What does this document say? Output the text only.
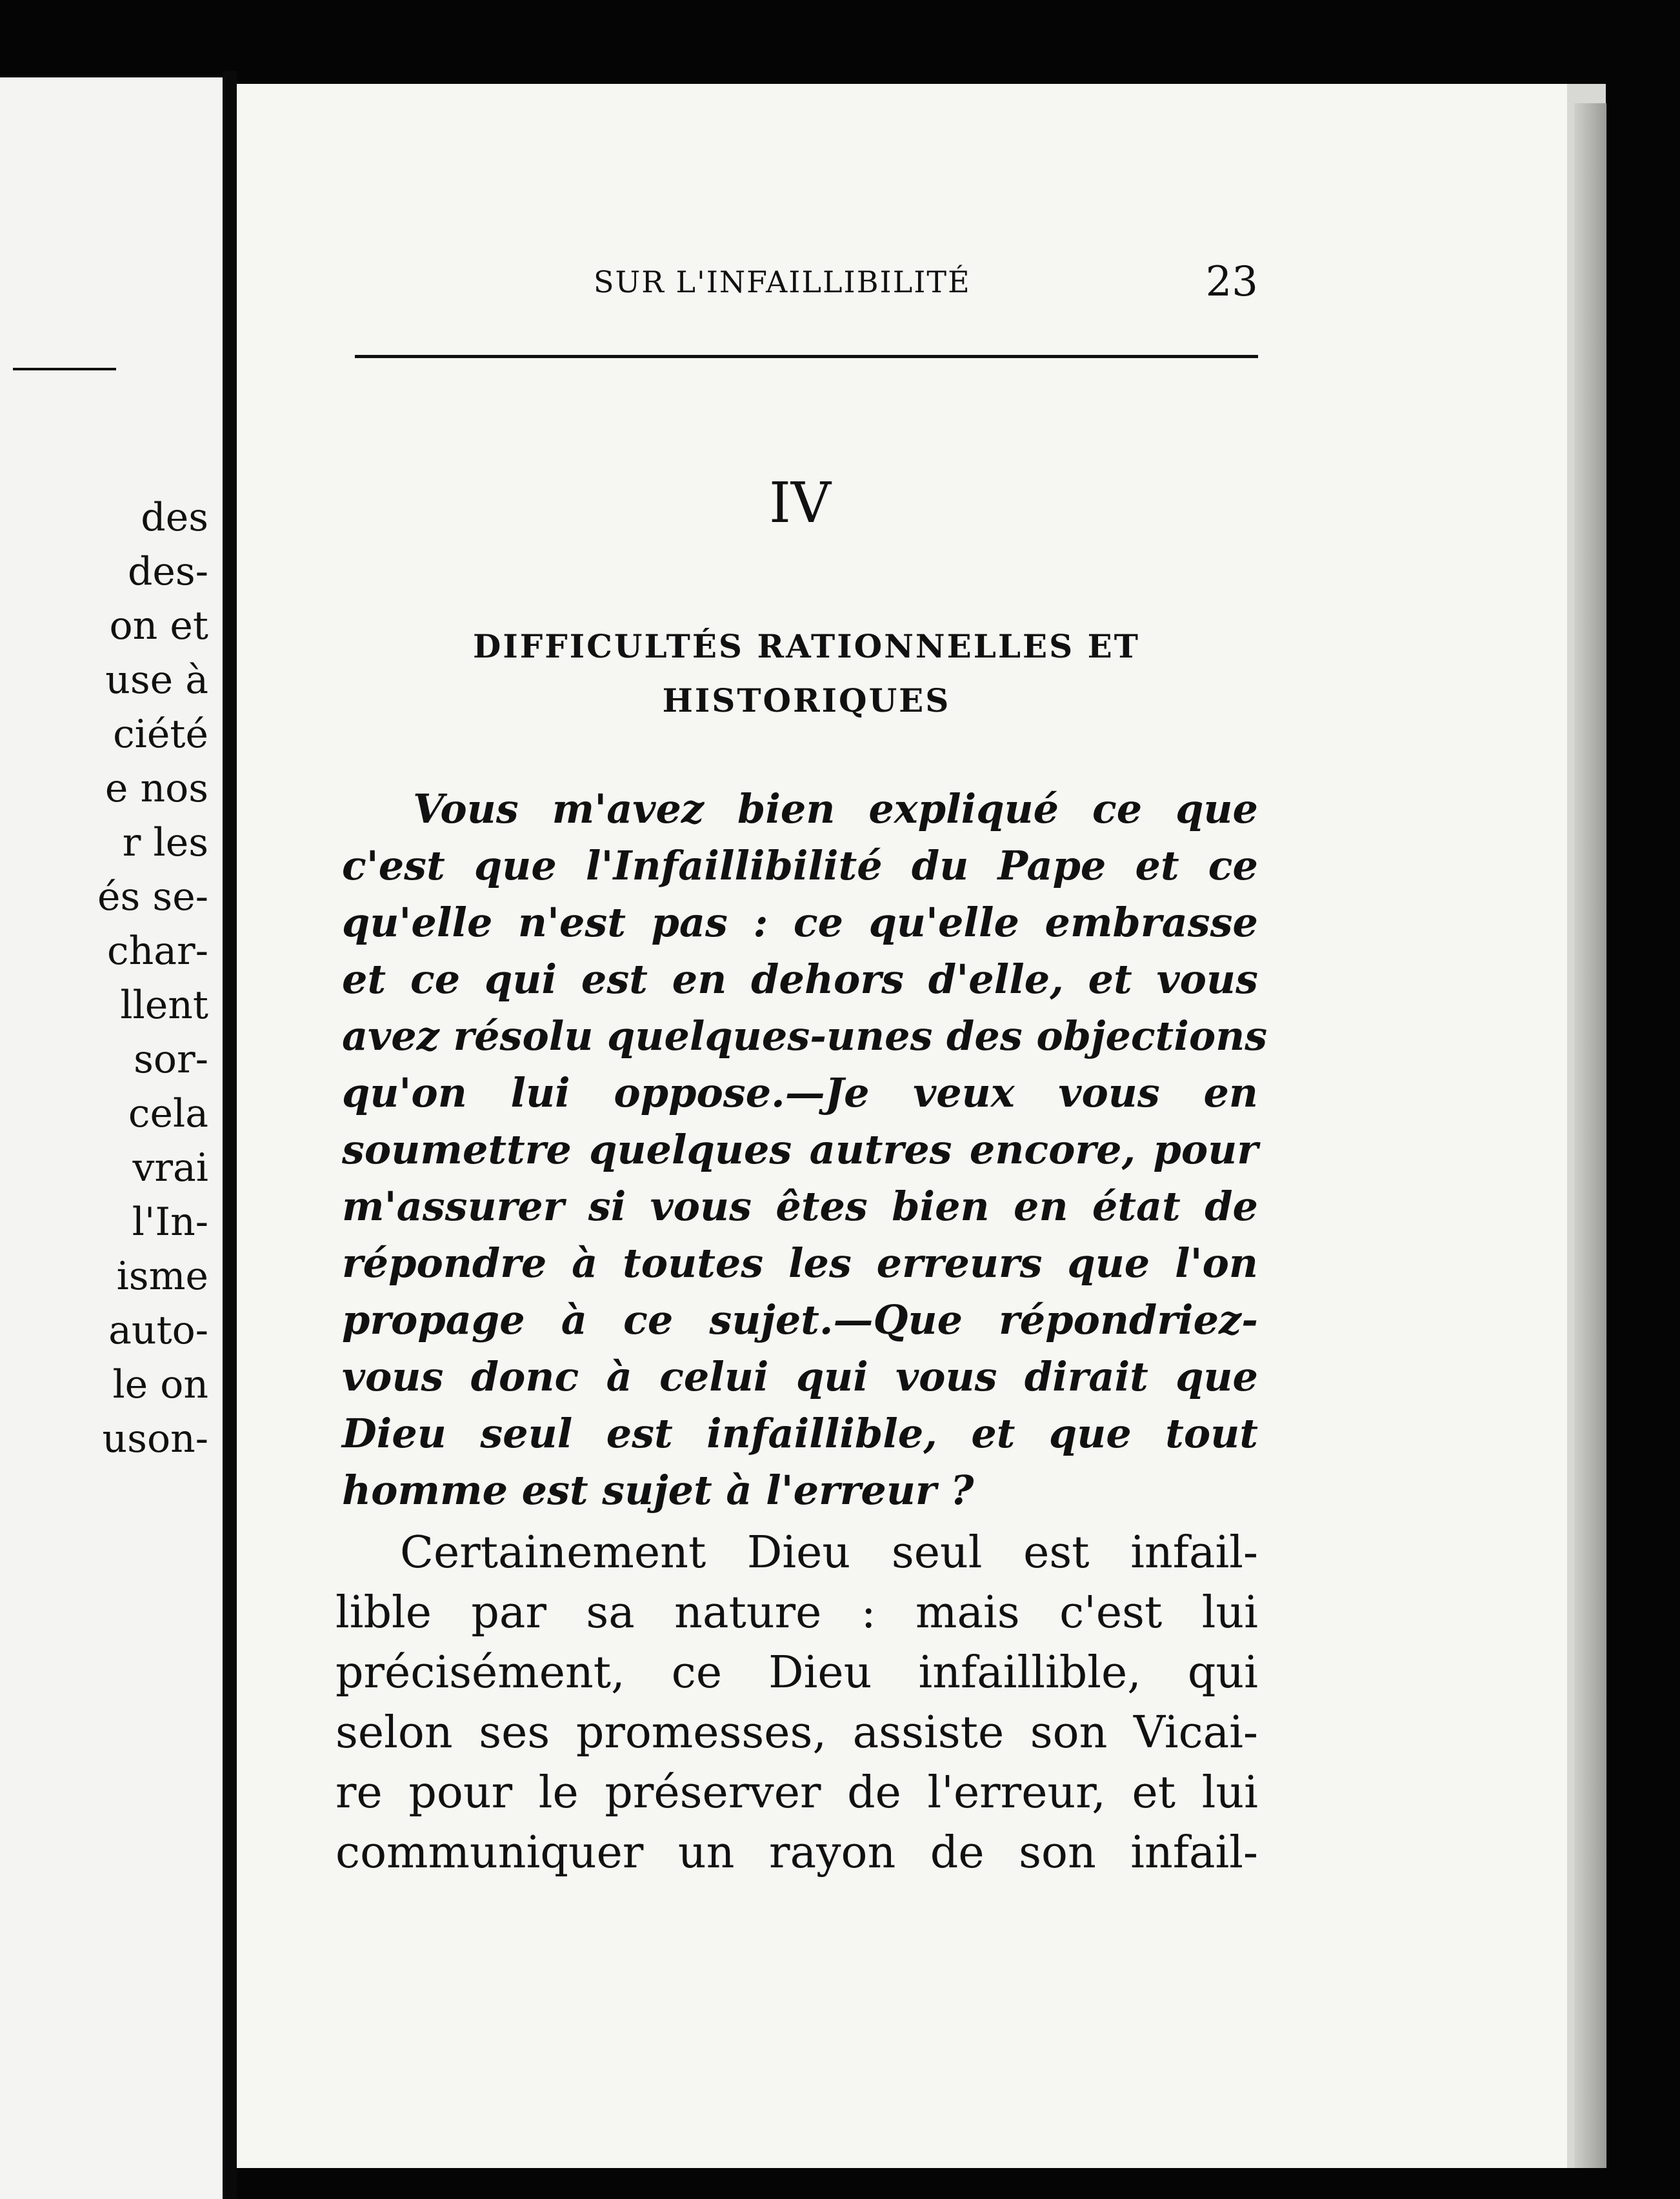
des
des-
on et
use à
ciété
e nos
r les
és se-
char-
llent
sor-
cela
vrai
l'In-
isme
auto-
le on
uson-
SUR L'INFAILLIBILITÉ	23
IV
DIFFICULTÉS RATIONNELLES ET
HISTORIQUES
Vous m'avez bien expliqué ce que
c'est que l'Infaillibilité du Pape et ce
qu'elle n'est pas : ce qu'elle embrasse
et ce qui est en dehors d'elle, et vous
avez résolu quelques-unes des objections
qu'on lui oppose.—Je veux vous en
soumettre quelques autres encore, pour
m'assurer si vous êtes bien en état de
répondre à toutes les erreurs que l'on
propage à ce sujet.—Que répondriez-
vous donc à celui qui vous dirait que
Dieu seul est infaillible, et que tout
homme est sujet à l'erreur ?
Certainement Dieu seul est infail-
lible par sa nature : mais c'est lui
précisément, ce Dieu infaillible, qui
selon ses promesses, assiste son Vicai-
re pour le préserver de l'erreur, et lui
communiquer un rayon de son infail-
